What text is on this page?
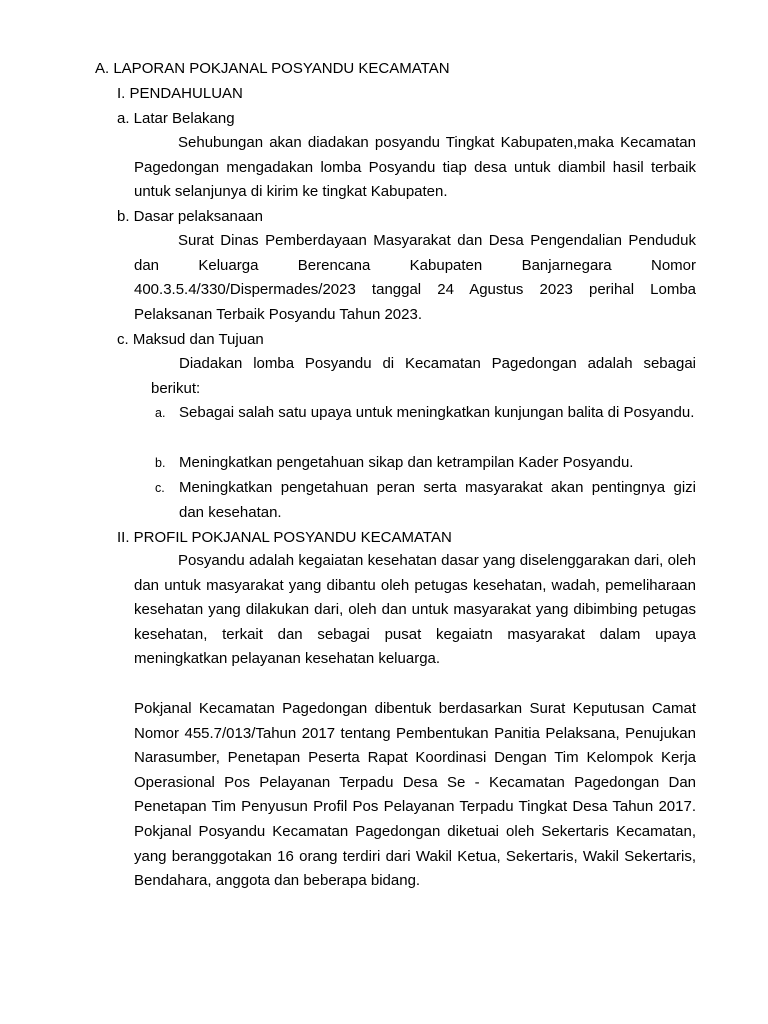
A. LAPORAN POKJANAL POSYANDU KECAMATAN
I. PENDAHULUAN
a. Latar Belakang
Sehubungan akan diadakan posyandu Tingkat Kabupaten,maka Kecamatan Pagedongan mengadakan lomba Posyandu tiap desa untuk diambil hasil terbaik untuk selanjunya di kirim ke tingkat Kabupaten.
b. Dasar pelaksanaan
Surat Dinas Pemberdayaan Masyarakat dan Desa Pengendalian Penduduk dan Keluarga Berencana Kabupaten Banjarnegara Nomor 400.3.5.4/330/Dispermades/2023 tanggal 24 Agustus 2023 perihal Lomba Pelaksanan Terbaik Posyandu Tahun 2023.
c. Maksud dan Tujuan
Diadakan lomba Posyandu di Kecamatan Pagedongan adalah sebagai berikut:
a. Sebagai salah satu upaya untuk meningkatkan kunjungan balita di Posyandu.
b. Meningkatkan pengetahuan sikap dan ketrampilan Kader Posyandu.
c. Meningkatkan pengetahuan peran serta masyarakat akan pentingnya gizi dan kesehatan.
II. PROFIL POKJANAL POSYANDU KECAMATAN
Posyandu adalah kegaiatan kesehatan dasar yang diselenggarakan dari, oleh dan untuk masyarakat yang dibantu oleh petugas kesehatan, wadah, pemeliharaan kesehatan yang dilakukan dari, oleh dan untuk masyarakat yang dibimbing petugas kesehatan, terkait dan sebagai pusat kegaiatn masyarakat dalam upaya meningkatkan pelayanan kesehatan keluarga.
Pokjanal Kecamatan Pagedongan dibentuk berdasarkan Surat Keputusan Camat Nomor 455.7/013/Tahun 2017 tentang Pembentukan Panitia Pelaksana, Penujukan Narasumber, Penetapan Peserta Rapat Koordinasi Dengan Tim Kelompok Kerja Operasional Pos Pelayanan Terpadu Desa Se - Kecamatan Pagedongan Dan Penetapan Tim Penyusun Profil Pos Pelayanan Terpadu Tingkat Desa Tahun 2017. Pokjanal Posyandu Kecamatan Pagedongan diketuai oleh Sekertaris Kecamatan, yang beranggotakan 16 orang terdiri dari Wakil Ketua, Sekertaris, Wakil Sekertaris, Bendahara, anggota dan beberapa bidang.
